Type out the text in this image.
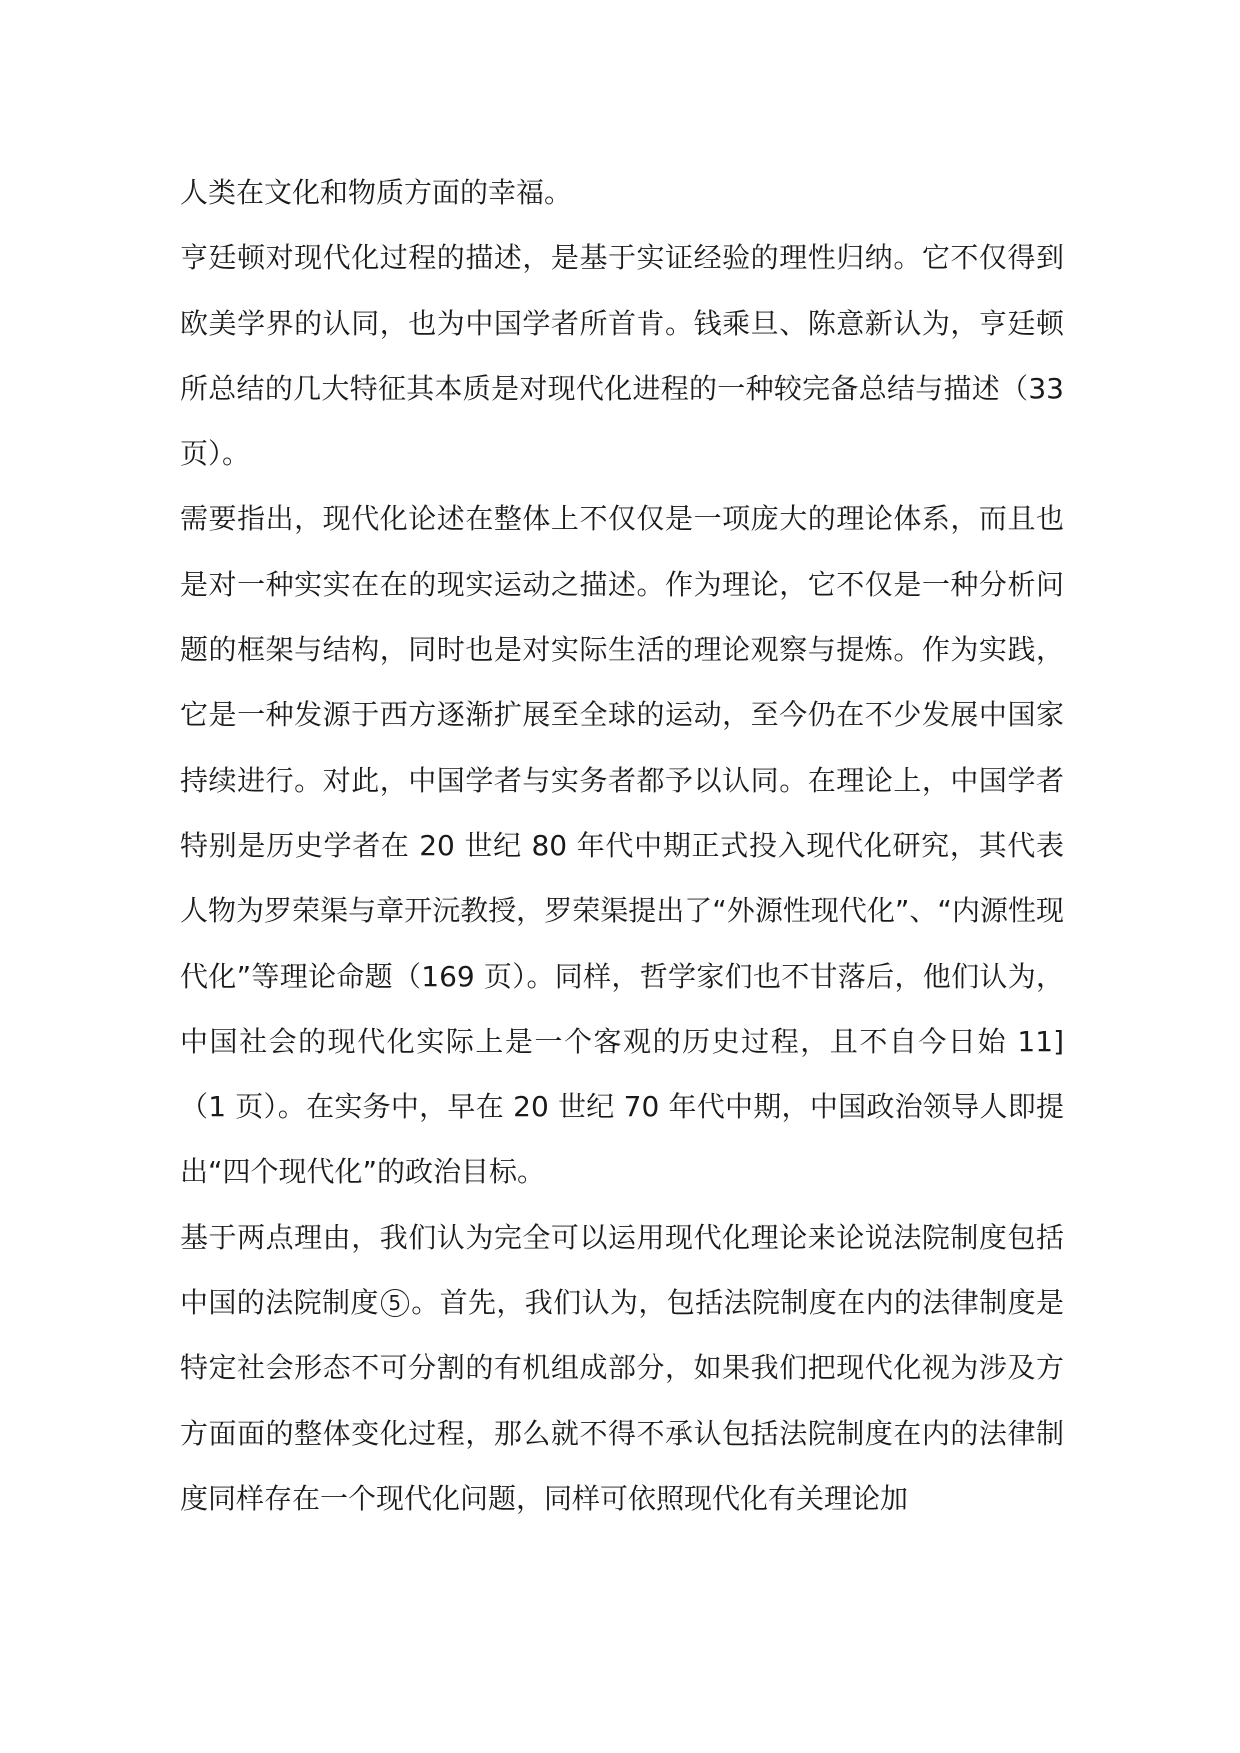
人类在文化和物质方面的幸福。

亨廷顿对现代化过程的描述，是基于实证经验的理性归纳。它不仅得到欧美学界的认同，也为中国学者所首肯。钱乘旦、陈意新认为，亨廷顿所总结的几大特征其本质是对现代化进程的一种较完备总结与描述（33 页）。

需要指出，现代化论述在整体上不仅仅是一项庞大的理论体系，而且也是对一种实实在在的现实运动之描述。作为理论，它不仅是一种分析问题的框架与结构，同时也是对实际生活的理论观察与提炼。作为实践，它是一种发源于西方逐渐扩展至全球的运动，至今仍在不少发展中国家持续进行。对此，中国学者与实务者都予以认同。在理论上，中国学者特别是历史学者在 20 世纪 80 年代中期正式投入现代化研究，其代表人物为罗荣渠与章开沅教授，罗荣渠提出了“外源性现代化”、“内源性现代化”等理论命题（169 页）。同样，哲学家们也不甘落后，他们认为，中国社会的现代化实际上是一个客观的历史过程，且不自今日始 11]（1 页）。在实务中，早在 20 世纪 70 年代中期，中国政治领导人即提出“四个现代化”的政治目标。

基于两点理由，我们认为完全可以运用现代化理论来论说法院制度包括中国的法院制度 5 。首先，我们认为，包括法院制度在内的法律制度是特定社会形态不可分割的有机组成部分，如果我们把现代化视为涉及方方面面的整体变化过程，那么就不得不承认包括法院制度在内的法律制度同样存在一个现代化问题，同样可依照现代化有关理论加
